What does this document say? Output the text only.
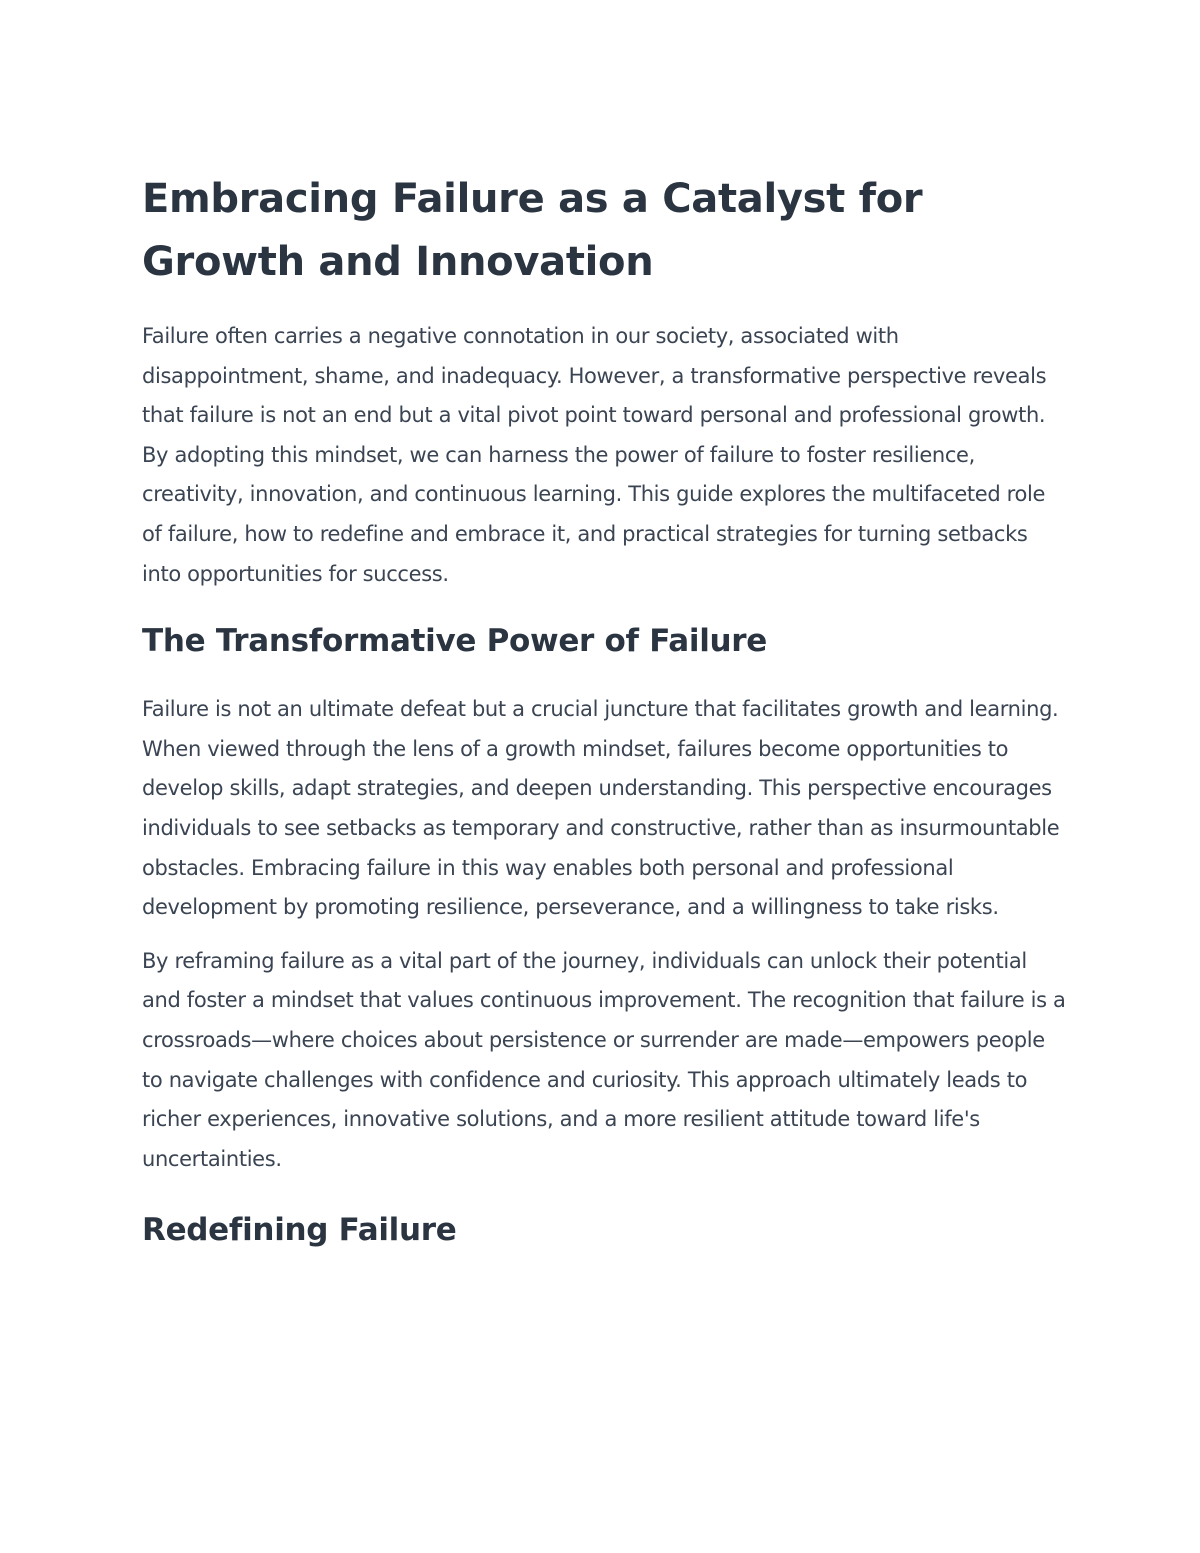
Embracing Failure as a Catalyst for Growth and Innovation

Failure often carries a negative connotation in our society, associated with disappointment, shame, and inadequacy. However, a transformative perspective reveals that failure is not an end but a vital pivot point toward personal and professional growth. By adopting this mindset, we can harness the power of failure to foster resilience, creativity, innovation, and continuous learning. This guide explores the multifaceted role of failure, how to redefine and embrace it, and practical strategies for turning setbacks into opportunities for success.

The Transformative Power of Failure

Failure is not an ultimate defeat but a crucial juncture that facilitates growth and learning. When viewed through the lens of a growth mindset, failures become opportunities to develop skills, adapt strategies, and deepen understanding. This perspective encourages individuals to see setbacks as temporary and constructive, rather than as insurmountable obstacles. Embracing failure in this way enables both personal and professional development by promoting resilience, perseverance, and a willingness to take risks.

By reframing failure as a vital part of the journey, individuals can unlock their potential and foster a mindset that values continuous improvement. The recognition that failure is a crossroads—where choices about persistence or surrender are made—empowers people to navigate challenges with confidence and curiosity. This approach ultimately leads to richer experiences, innovative solutions, and a more resilient attitude toward life's uncertainties.

Redefining Failure
